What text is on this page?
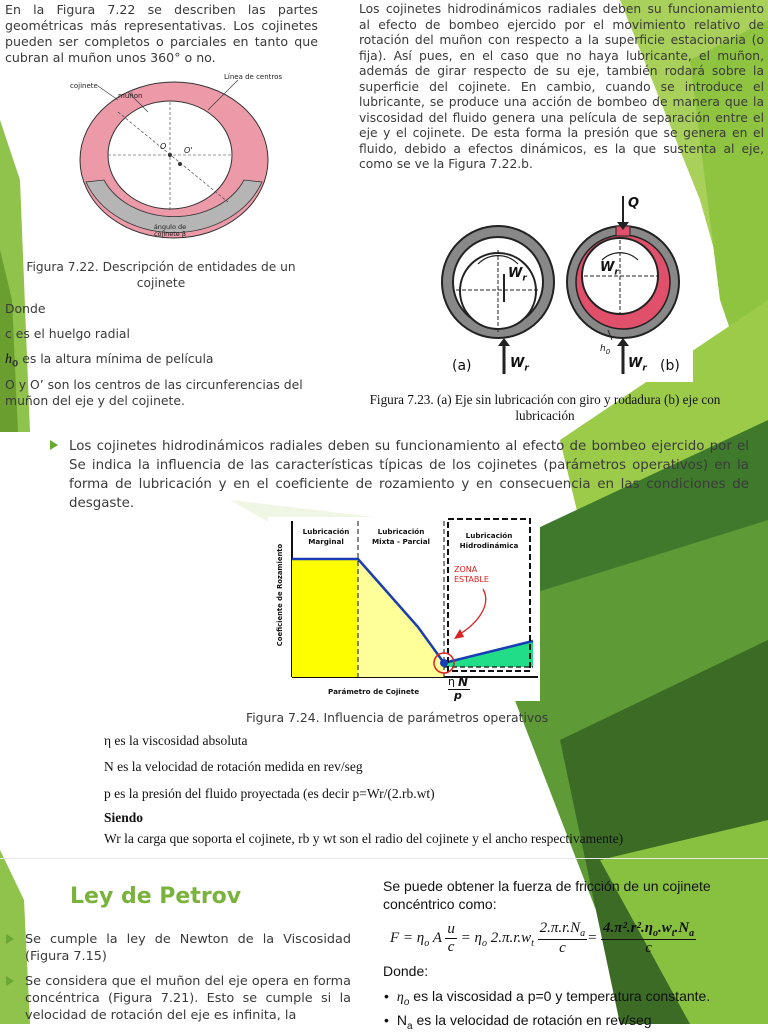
En la Figura 7.22 se describen las partes geométricas más representativas. Los cojinetes pueden ser completos o parciales en tanto que cubran al muñon unos 360° o no.
cojinete
muñon
Línea de centros
O O'
ángulo de cojinete β
Figura 7.22. Descripción de entidades de un cojinete
Donde
c es el huelgo radial
$h_0$ es la altura mínima de película
O y O’ son los centros de las circunferencias del muñon del eje y del cojinete.
Los cojinetes hidrodinámicos radiales deben su funcionamiento al efecto de bombeo ejercido por el movimiento relativo de rotación del muñon con respecto a la superficie estacionaria (o fija). Así pues, en el caso que no haya lubricante, el muñon, además de girar respecto de su eje, también rodará sobre la superficie del cojinete. En cambio, cuando se introduce el lubricante, se produce una acción de bombeo de manera que la viscosidad del fluido genera una película de separación entre el eje y el cojinete. De esta forma la presión que se genera en el fluido, debido a efectos dinámicos, es la que sustenta al eje, como se ve la Figura 7.22.b.
Q
$W_r$
$W_r$
$W_r$	$W_r$
$h_0$
(a)	(b)
Figura 7.23. (a) Eje sin lubricación con giro y rodadura (b) eje con lubricación
Los cojinetes hidrodinámicos radiales deben su funcionamiento al efecto de bombeo ejercido por el Se indica la influencia de las características típicas de los cojinetes (parámetros operativos) en la forma de lubricación y en el coeficiente de rozamiento y en consecuencia en las condiciones de desgaste.
Lubricación
Marginal
Lubricación
Mixta - Parcial
Lubricación
Hidrodinámica
ZONA
ESTABLE
Coeficiente de Rozamiento
Parámetro de Cojinete
η N
p
Figura 7.24. Influencia de parámetros operativos
η es la viscosidad absoluta
N es la velocidad de rotación medida en rev/seg
p es la presión del fluido proyectada (es decir p=Wr/(2.rb.wt)
Siendo
Wr la carga que soporta el cojinete, rb y wt son el radio del cojinete y el ancho respectivamente)
Ley de Petrov
Se cumple la ley de Newton de la Viscosidad (Figura 7.15)
Se considera que el muñon del eje opera en forma concéntrica (Figura 7.21). Esto se cumple si la velocidad de rotación del eje es infinita, la
Se puede obtener la fuerza de fricción de un cojinete concéntrico como:
$F = \eta_o$ A $\frac{u}{c} = \eta_o$ $2.\pi.r.w_t \frac{2.\pi.r.N_a}{c} = \frac{4.\pi^2.r^2.\eta_o.w_t.N_a}{c}$
Donde:
• $\eta_o$ es la viscosidad a p=0 y temperatura constante.
• $N_a$ es la velocidad de rotación en rev/seg
